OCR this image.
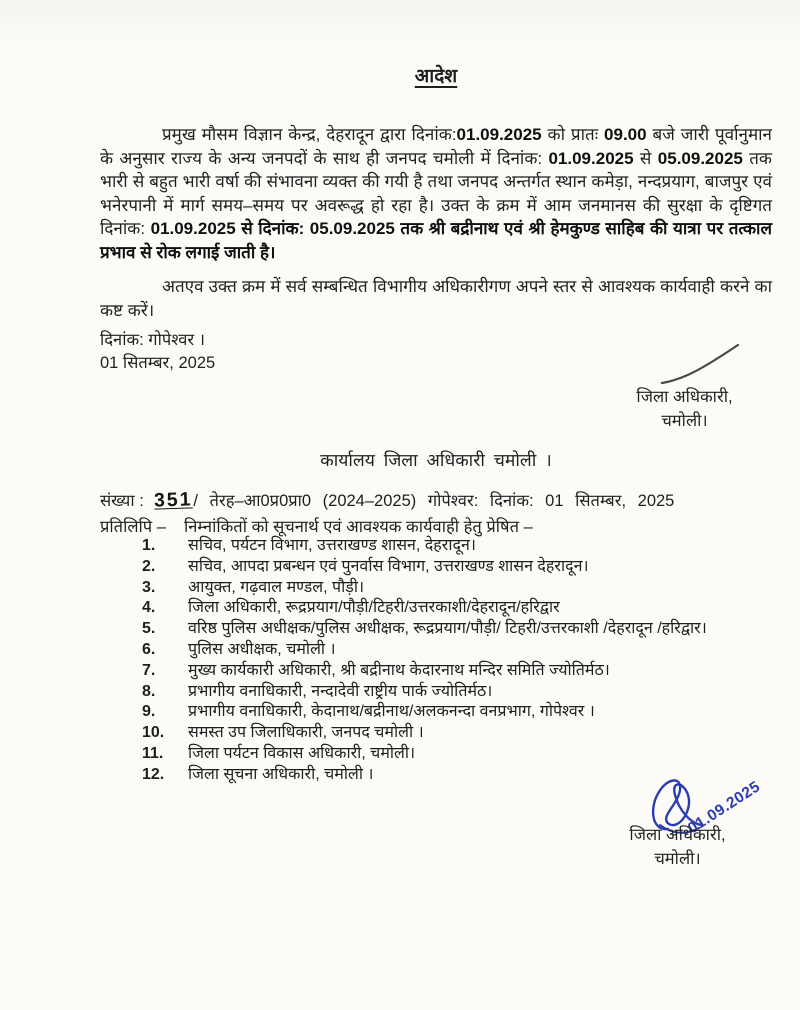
आदेश

प्रमुख मौसम विज्ञान केन्द्र, देहरादून द्वारा दिनांक:01.09.2025 को प्रातः 09.00 बजे जारी पूर्वानुमान के अनुसार राज्य के अन्य जनपदों के साथ ही जनपद चमोली में दिनांक: 01.09.2025 से 05.09.2025 तक भारी से बहुत भारी वर्षा की संभावना व्यक्त की गयी है तथा जनपद अन्तर्गत स्थान कमेड़ा, नन्दप्रयाग, बाजपुर एवं भनेरपानी में मार्ग समय–समय पर अवरूद्ध हो रहा है। उक्त के क्रम में आम जनमानस की सुरक्षा के दृष्टिगत दिनांक: 01.09.2025 से दिनांक: 05.09.2025 तक श्री बद्रीनाथ एवं श्री हेमकुण्ड साहिब की यात्रा पर तत्काल प्रभाव से रोक लगाई जाती है।

अतएव उक्त क्रम में सर्व सम्बन्धित विभागीय अधिकारीगण अपने स्तर से आवश्यक कार्यवाही करने का कष्ट करें।

दिनांक: गोपेश्वर ।
01 सितम्बर, 2025
जिला अधिकारी,
चमोली।
कार्यालय जिला अधिकारी चमोली ।
संख्या : 351/ तेरह–आ0प्र0प्रा0 (2024–2025) गोपेश्वर: दिनांक: 01 सितम्बर, 2025
प्रतिलिपि – निम्नांकितों को सूचनार्थ एवं आवश्यक कार्यवाही हेतु प्रेषित –
1.	सचिव, पर्यटन विभाग, उत्तराखण्ड शासन, देहरादून।
2.	सचिव, आपदा प्रबन्धन एवं पुनर्वास विभाग, उत्तराखण्ड शासन देहरादून।
3.	आयुक्त, गढ़वाल मण्डल, पौड़ी।
4.	जिला अधिकारी, रूद्रप्रयाग/पौड़ी/टिहरी/उत्तरकाशी/देहरादून/हरिद्वार
5.	वरिष्ठ पुलिस अधीक्षक/पुलिस अधीक्षक, रूद्रप्रयाग/पौड़ी/ टिहरी/उत्तरकाशी /देहरादून /हरिद्वार।
6.	पुलिस अधीक्षक, चमोली ।
7.	मुख्य कार्यकारी अधिकारी, श्री बद्रीनाथ केदारनाथ मन्दिर समिति ज्योतिर्मठ।
8.	प्रभागीय वनाधिकारी, नन्दादेवी राष्ट्रीय पार्क ज्योतिर्मठ।
9.	प्रभागीय वनाधिकारी, केदानाथ/बद्रीनाथ/अलकनन्दा वनप्रभाग, गोपेश्वर ।
10.	समस्त उप जिलाधिकारी, जनपद चमोली ।
11.	जिला पर्यटन विकास अधिकारी, चमोली।
12.	जिला सूचना अधिकारी, चमोली ।
01.09.2025
जिला अधिकारी,
चमोली।
